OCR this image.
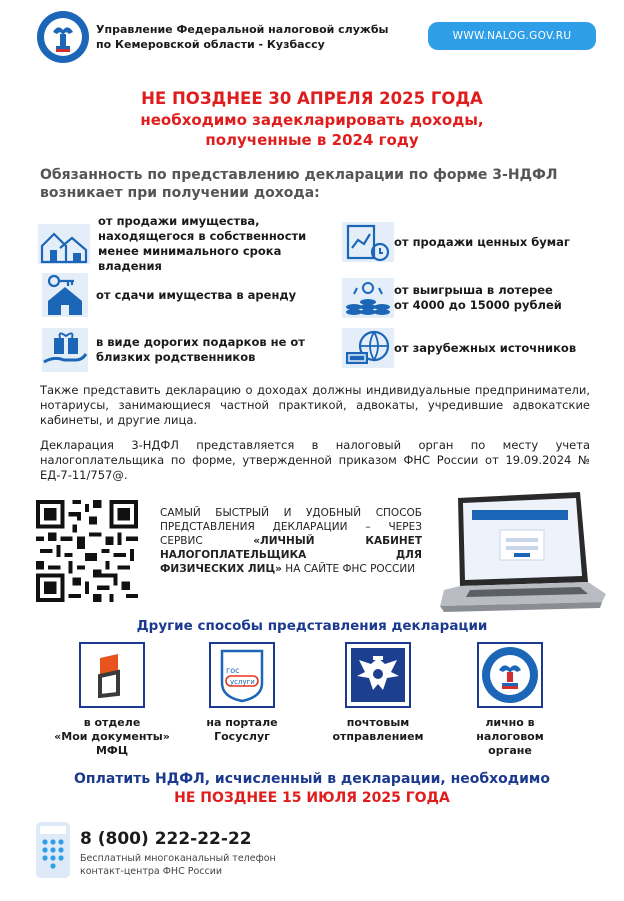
Управление Федеральной налоговой службы
по Кемеровской области - Кузбассу
WWW.NALOG.GOV.RU
НЕ ПОЗДНЕЕ 30 АПРЕЛЯ 2025 ГОДА
необходимо задекларировать доходы,
полученные в 2024 году
Обязанность по представлению декларации по форме 3-НДФЛ
возникает при получении дохода:
от продажи имущества, находящегося в собственности менее минимального срока владения
от продажи ценных бумаг
от сдачи имущества в аренду	от выигрыша в лотерее
от 4000 до 15000 рублей
в виде дорогих подарков не от близких родственников
от зарубежных источников
Также представить декларацию о доходах должны индивидуальные предприниматели, нотариусы, занимающиеся частной практикой, адвокаты, учредившие адвокатские кабинеты, и другие лица.
Декларация 3-НДФЛ представляется в налоговый орган по месту учета налогоплательщика по форме, утвержденной приказом ФНС России от 19.09.2024 № ЕД-7-11/757@.
САМЫЙ БЫСТРЫЙ И УДОБНЫЙ СПОСОБ ПРЕДСТАВЛЕНИЯ ДЕКЛАРАЦИИ – ЧЕРЕЗ СЕРВИС «ЛИЧНЫЙ КАБИНЕТ НАЛОГОПЛАТЕЛЬЩИКА ДЛЯ ФИЗИЧЕСКИХ ЛИЦ» НА САЙТЕ ФНС РОССИИ
Другие способы представления декларации
в отделе
«Мои документы»
МФЦ
гос
услуги
на портале
Госуслуг
почтовым
отправлением
лично в
налоговом
органе
Оплатить НДФЛ, исчисленный в декларации, необходимо
НЕ ПОЗДНЕЕ 15 ИЮЛЯ 2025 ГОДА
8 (800) 222-22-22
Бесплатный многоканальный телефон
контакт-центра ФНС России
